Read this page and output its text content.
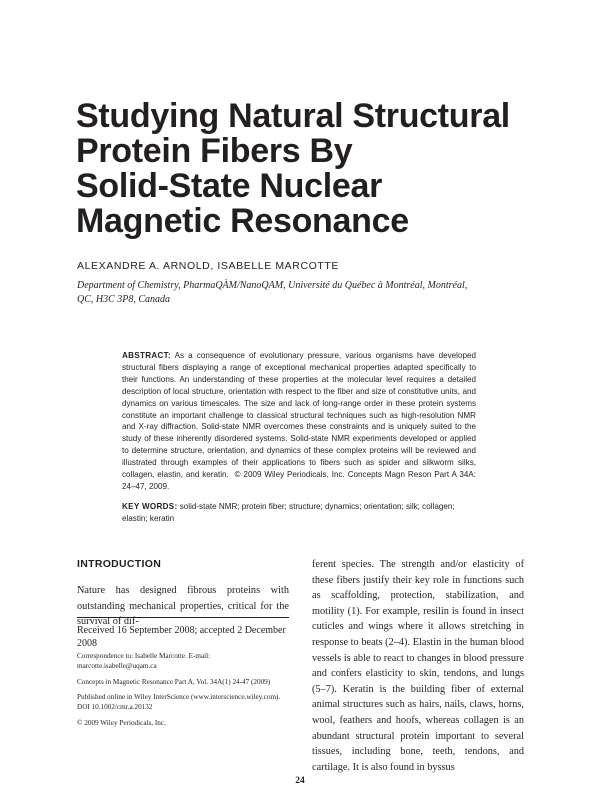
Studying Natural Structural
Protein Fibers By
Solid-State Nuclear
Magnetic Resonance
ALEXANDRE A. ARNOLD, ISABELLE MARCOTTE
Department of Chemistry, PharmaQÀM/NanoQAM, Université du Québec à Montréal, Montréal, QC, H3C 3P8, Canada
ABSTRACT: As a consequence of evolutionary pressure, various organisms have developed structural fibers displaying a range of exceptional mechanical properties adapted specifically to their functions. An understanding of these properties at the molecular level requires a detailed description of local structure, orientation with respect to the fiber and size of constitutive units, and dynamics on various timescales. The size and lack of long-range order in these protein systems constitute an important challenge to classical structural techniques such as high-resolution NMR and X-ray diffraction. Solid-state NMR overcomes these constraints and is uniquely suited to the study of these inherently disordered systems. Solid-state NMR experiments developed or applied to determine structure, orientation, and dynamics of these complex proteins will be reviewed and illustrated through examples of their applications to fibers such as spider and silkworm silks, collagen, elastin, and keratin. © 2009 Wiley Periodicals, Inc. Concepts Magn Reson Part A 34A: 24–47, 2009.
KEY WORDS: solid-state NMR; protein fiber; structure; dynamics; orientation; silk; collagen; elastin; keratin
INTRODUCTION
Nature has designed fibrous proteins with outstanding mechanical properties, critical for the survival of dif-
Received 16 September 2008; accepted 2 December 2008

Correspondence to: Isabelle Marcotte. E-mail: marcotte.isabelle@uqam.ca

Concepts in Magnetic Resonance Part A, Vol. 34A(1) 24-47 (2009)

Published online in Wiley InterScience (www.interscience.wiley.com). DOI 10.1002/cmr.a.20132

© 2009 Wiley Periodicals, Inc.

ferent species. The strength and/or elasticity of these fibers justify their key role in functions such as scaffolding, protection, stabilization, and motility (1). For example, resilin is found in insect cuticles and wings where it allows stretching in response to beats (2–4). Elastin in the human blood vessels is able to react to changes in blood pressure and confers elasticity to skin, tendons, and lungs (5–7). Keratin is the building fiber of external animal structures such as hairs, nails, claws, horns, wool, feathers and hoofs, whereas collagen is an abundant structural protein important to several tissues, including bone, teeth, tendons, and cartilage. It is also found in byssus
24
